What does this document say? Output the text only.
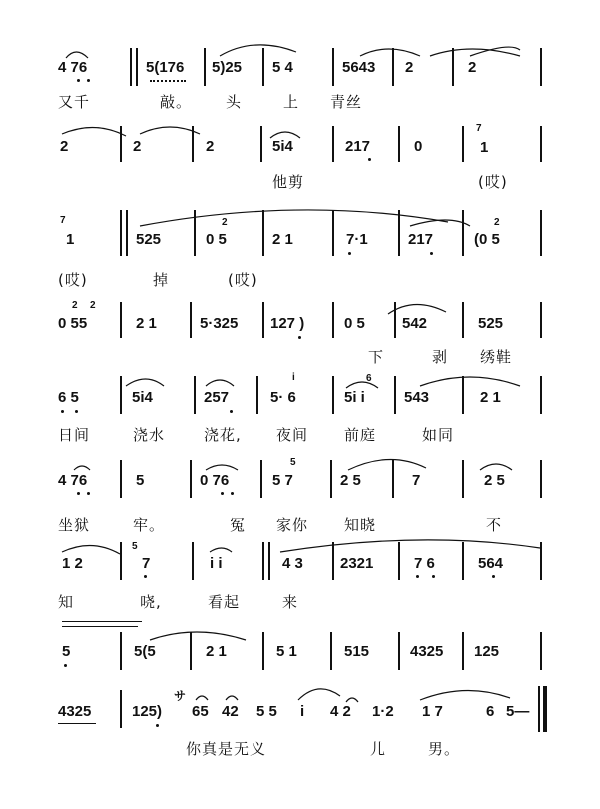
4 76	5(176 5)25 5 4	5643 2	2
又千	敲。 头	上 青丝
2	2	2	5i4	217	0	1
7
他剪	(哎)
1
7
525	0 5
2
2 1	7·1	217	(0 5
2
(哎)	掉	(哎)
0 55
2 2
2 1	5·325 127 )	0 5 542	525
下	剥 绣鞋
6 5	5i4	257	5· 6
i
5i i
6
543	2 1
日间	浇水	浇花, 夜间 前庭	如同
4 76	5	0 76	5 7
5
2 5	7	2 5
坐狱	牢。	冤 家你 知晓	不
1 2	7
5
i i	4 3 2321	7 6	564
知	哓,	看起	来
5	5(5	2 1	5 1	515	4325 125
4325	125)
サ
65 42 5 5 i 4 2 1·2 1 7	6 5—
你真是无义	儿	男。
